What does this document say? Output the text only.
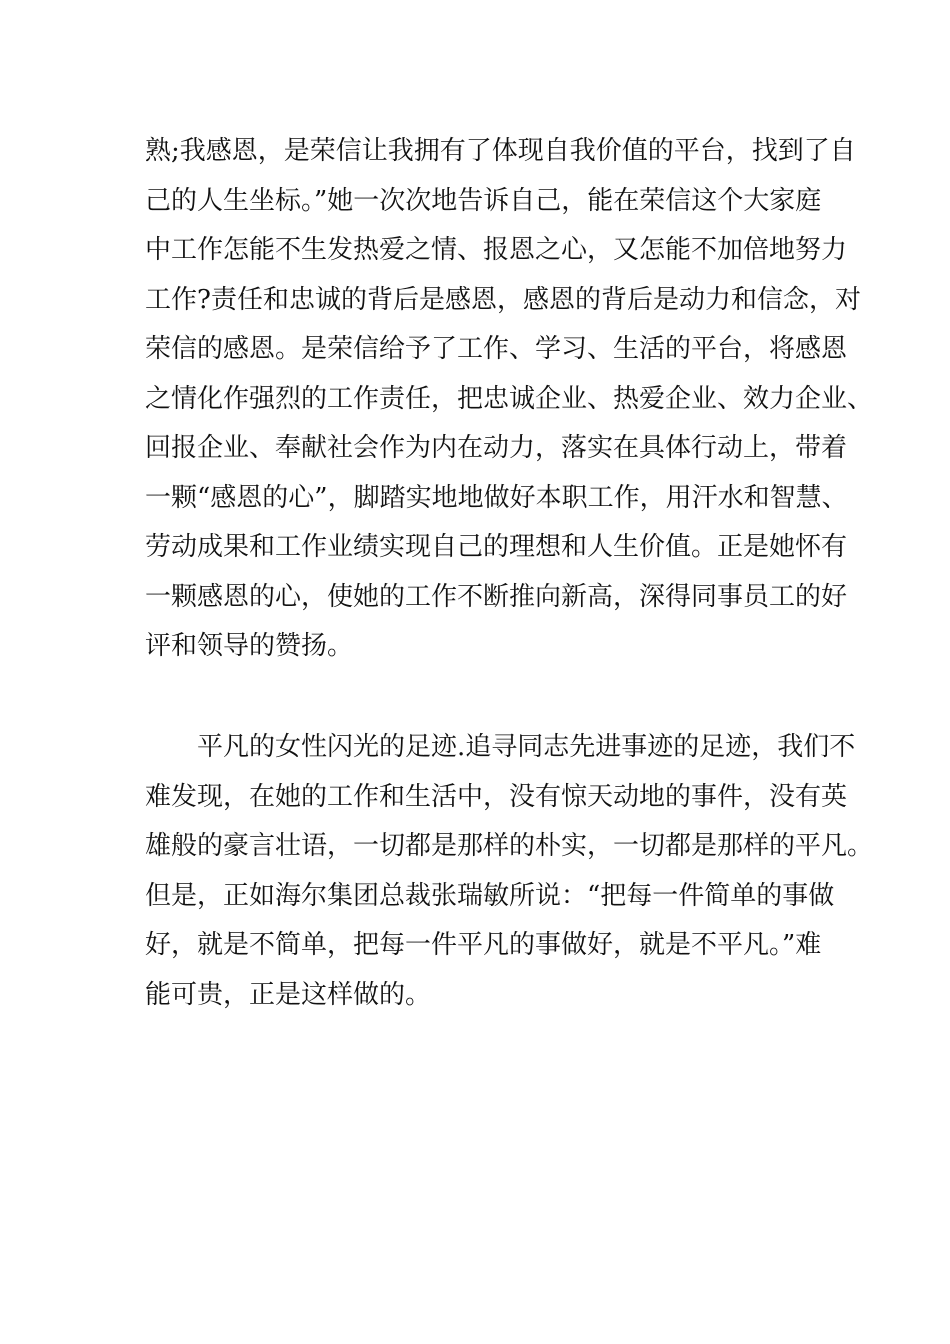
熟;我感恩，是荣信让我拥有了体现自我价值的平台，找到了自
己的人生坐标。”她一次次地告诉自己，能在荣信这个大家庭
中工作怎能不生发热爱之情、报恩之心，又怎能不加倍地努力
工作?责任和忠诚的背后是感恩，感恩的背后是动力和信念，对
荣信的感恩。是荣信给予了工作、学习、生活的平台，将感恩
之情化作强烈的工作责任，把忠诚企业、热爱企业、效力企业、
回报企业、奉献社会作为内在动力，落实在具体行动上，带着
一颗“感恩的心”，脚踏实地地做好本职工作，用汗水和智慧、
劳动成果和工作业绩实现自己的理想和人生价值。正是她怀有
一颗感恩的心，使她的工作不断推向新高，深得同事员工的好
评和领导的赞扬。
　　平凡的女性闪光的足迹.追寻同志先进事迹的足迹，我们不
难发现，在她的工作和生活中，没有惊天动地的事件，没有英
雄般的豪言壮语，一切都是那样的朴实，一切都是那样的平凡。
但是，正如海尔集团总裁张瑞敏所说：“把每一件简单的事做
好，就是不简单，把每一件平凡的事做好，就是不平凡。”难
能可贵，正是这样做的。
